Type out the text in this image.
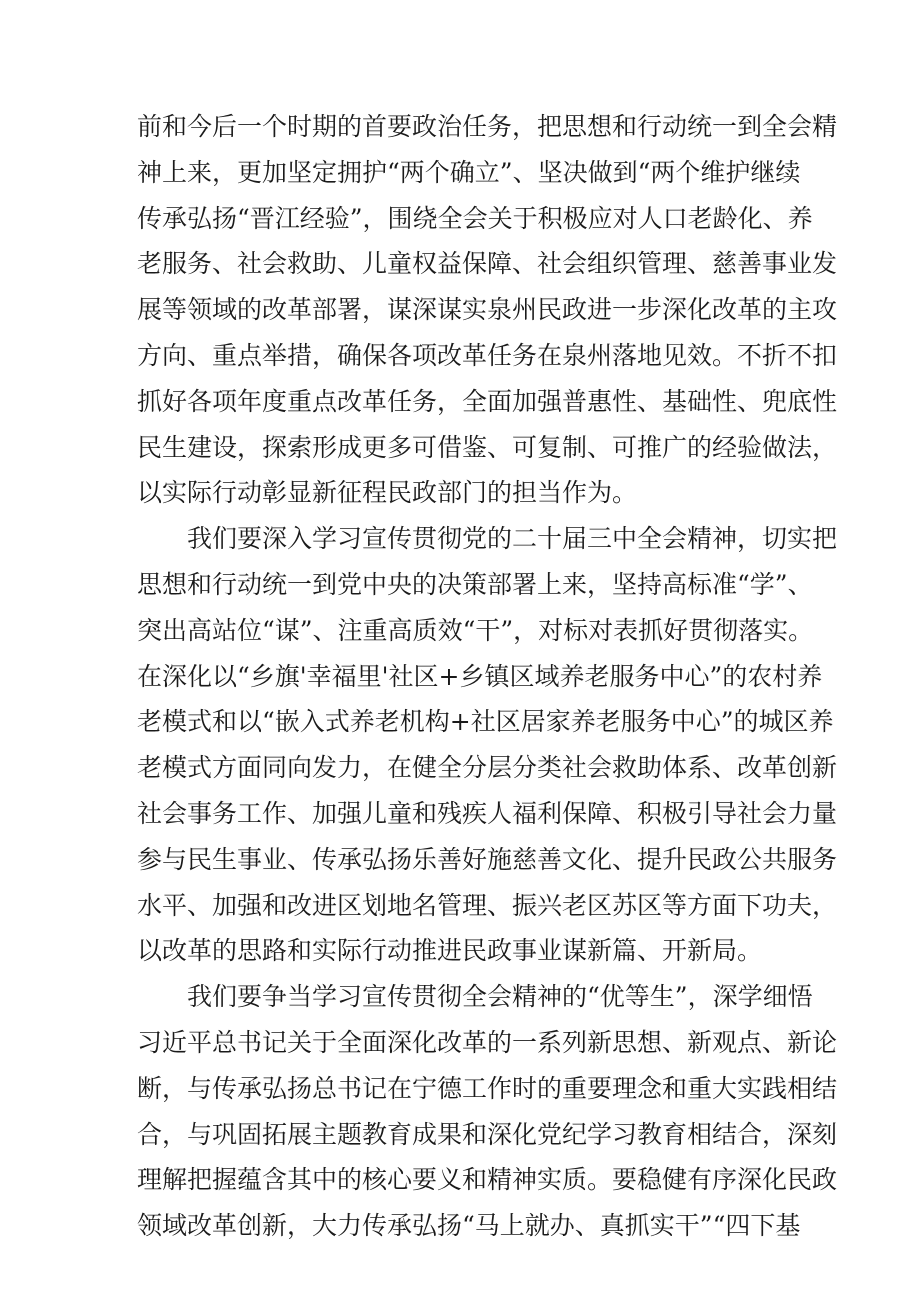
前和今后一个时期的首要政治任务，把思想和行动统一到全会精
神上来，更加坚定拥护“两个确立”、坚决做到“两个维护继续
传承弘扬“晋江经验”，围绕全会关于积极应对人口老龄化、养
老服务、社会救助、儿童权益保障、社会组织管理、慈善事业发
展等领域的改革部署，谋深谋实泉州民政进一步深化改革的主攻
方向、重点举措，确保各项改革任务在泉州落地见效。不折不扣
抓好各项年度重点改革任务，全面加强普惠性、基础性、兜底性
民生建设，探索形成更多可借鉴、可复制、可推广的经验做法，
以实际行动彰显新征程民政部门的担当作为。
我们要深入学习宣传贯彻党的二十届三中全会精神，切实把
思想和行动统一到党中央的决策部署上来，坚持高标准“学”、
突出高站位“谋”、注重高质效“干”，对标对表抓好贯彻落实。
在深化以“乡旗'幸福里'社区+乡镇区域养老服务中心”的农村养
老模式和以“嵌入式养老机构+社区居家养老服务中心”的城区养
老模式方面同向发力，在健全分层分类社会救助体系、改革创新
社会事务工作、加强儿童和残疾人福利保障、积极引导社会力量
参与民生事业、传承弘扬乐善好施慈善文化、提升民政公共服务
水平、加强和改进区划地名管理、振兴老区苏区等方面下功夫，
以改革的思路和实际行动推进民政事业谋新篇、开新局。
我们要争当学习宣传贯彻全会精神的“优等生”，深学细悟
习近平总书记关于全面深化改革的一系列新思想、新观点、新论
断，与传承弘扬总书记在宁德工作时的重要理念和重大实践相结
合，与巩固拓展主题教育成果和深化党纪学习教育相结合，深刻
理解把握蕴含其中的核心要义和精神实质。要稳健有序深化民政
领域改革创新，大力传承弘扬“马上就办、真抓实干”“四下基
